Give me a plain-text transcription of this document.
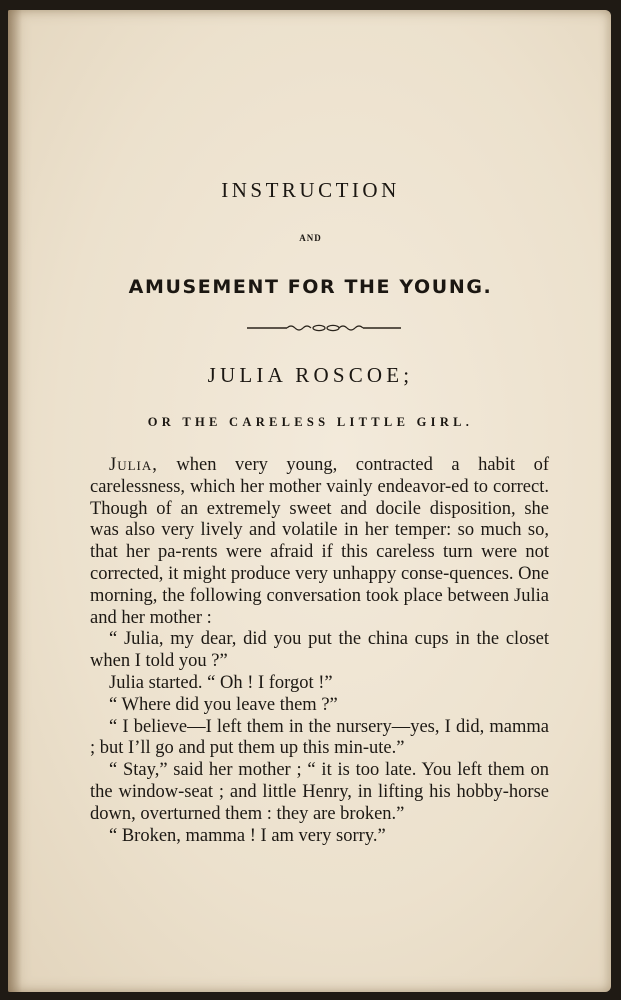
INSTRUCTION
AND
AMUSEMENT FOR THE YOUNG.
JULIA ROSCOE;
OR THE CARELESS LITTLE GIRL.

Julia, when very young, contracted a habit of carelessness, which her mother vainly endeavor-ed to correct. Though of an extremely sweet and docile disposition, she was also very lively and volatile in her temper: so much so, that her pa-rents were afraid if this careless turn were not corrected, it might produce very unhappy conse-quences. One morning, the following conversation took place between Julia and her mother :

“ Julia, my dear, did you put the china cups in the closet when I told you ?”

Julia started. “ Oh ! I forgot !”

“ Where did you leave them ?”

“ I believe—I left them in the nursery—yes, I did, mamma ; but I’ll go and put them up this min-ute.”

“ Stay,” said her mother ; “ it is too late. You left them on the window-seat ; and little Henry, in lifting his hobby-horse down, overturned them : they are broken.”

“ Broken, mamma ! I am very sorry.”
